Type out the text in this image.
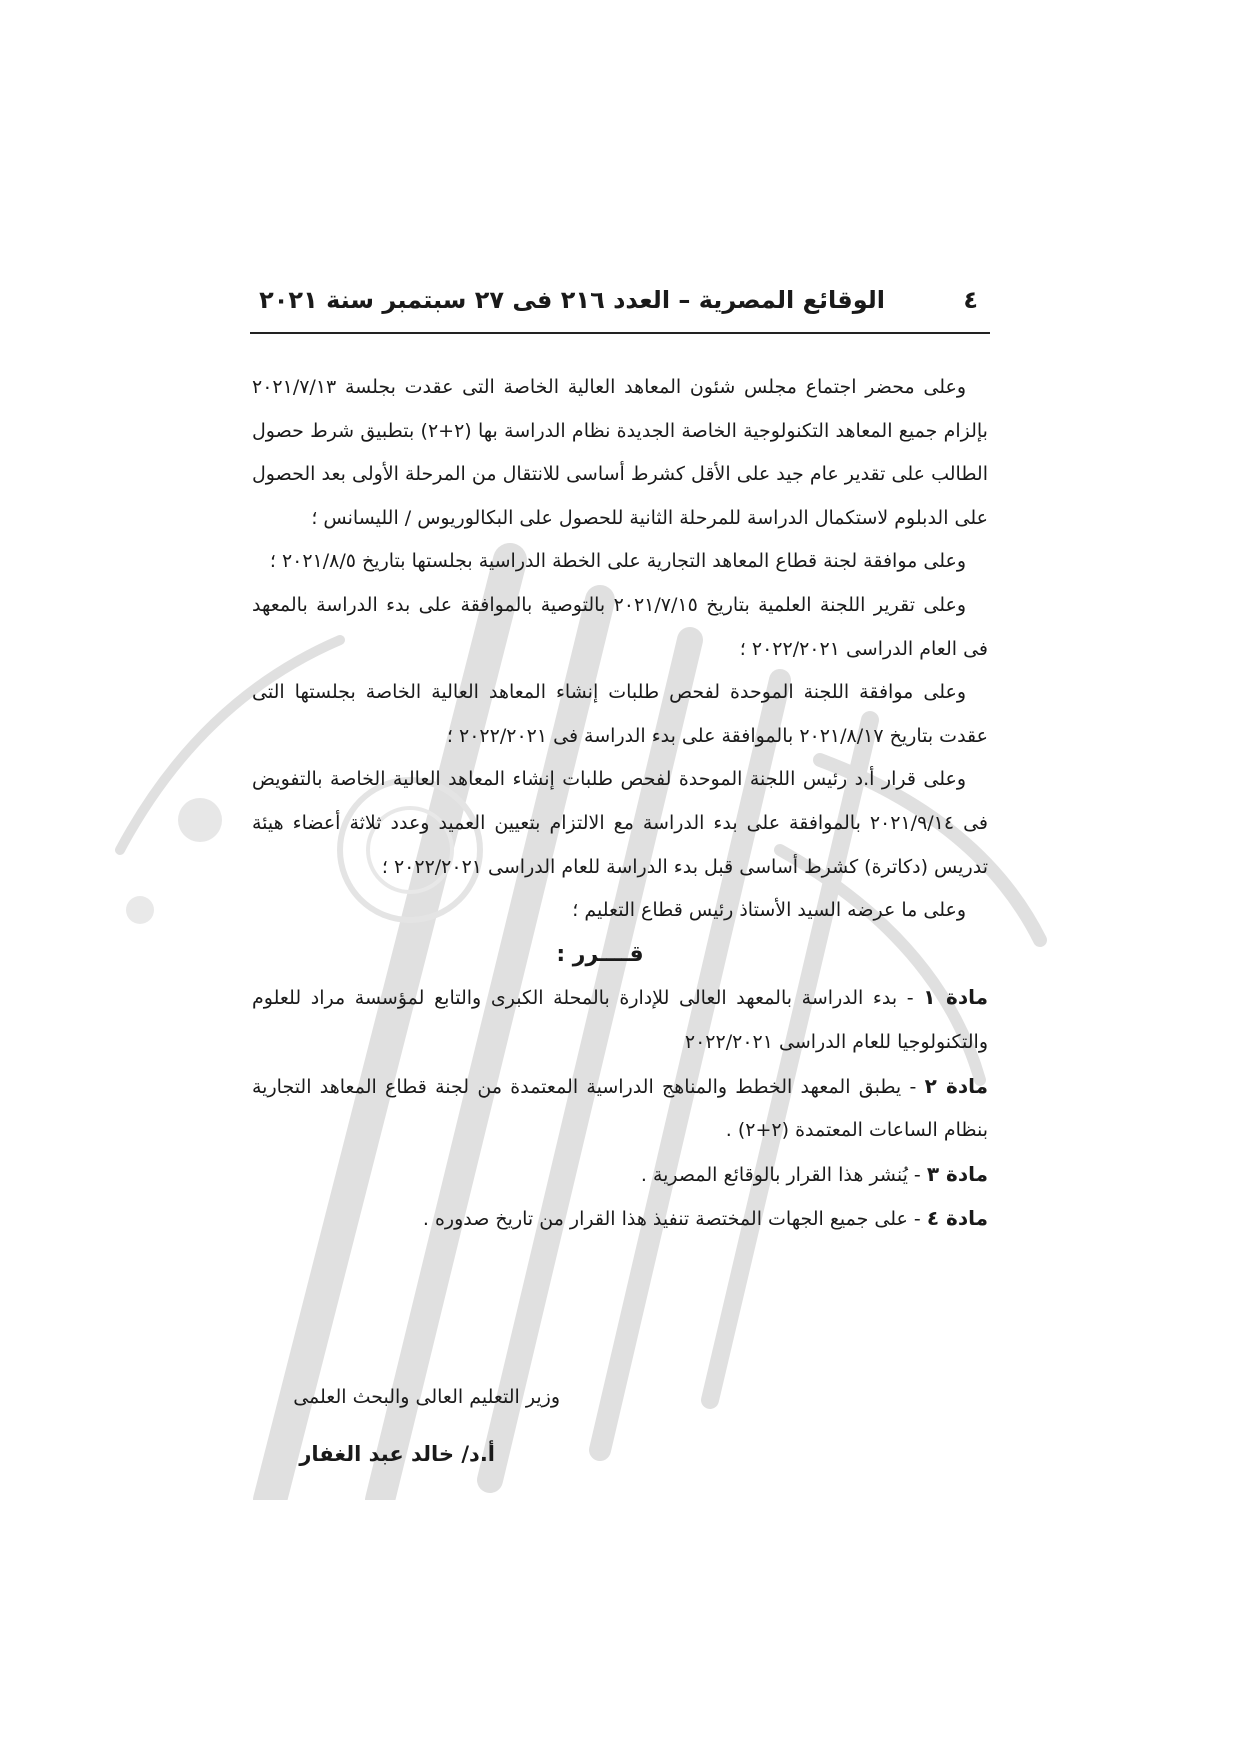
٤
الوقائع المصرية – العدد ٢١٦ فى ٢٧ سبتمبر سنة ٢٠٢١

وعلى محضر اجتماع مجلس شئون المعاهد العالية الخاصة التى عقدت بجلسة ٢٠٢١/٧/١٣ بإلزام جميع المعاهد التكنولوجية الخاصة الجديدة نظام الدراسة بها (٢+٢) بتطبيق شرط حصول الطالب على تقدير عام جيد على الأقل كشرط أساسى للانتقال من المرحلة الأولى بعد الحصول على الدبلوم لاستكمال الدراسة للمرحلة الثانية للحصول على البكالوريوس / الليسانس ؛

وعلى موافقة لجنة قطاع المعاهد التجارية على الخطة الدراسية بجلستها بتاريخ ٢٠٢١/٨/٥ ؛

وعلى تقرير اللجنة العلمية بتاريخ ٢٠٢١/٧/١٥ بالتوصية بالموافقة على بدء الدراسة بالمعهد فى العام الدراسى ٢٠٢٢/٢٠٢١ ؛

وعلى موافقة اللجنة الموحدة لفحص طلبات إنشاء المعاهد العالية الخاصة بجلستها التى عقدت بتاريخ ٢٠٢١/٨/١٧ بالموافقة على بدء الدراسة فى ٢٠٢٢/٢٠٢١ ؛

وعلى قرار أ.د رئيس اللجنة الموحدة لفحص طلبات إنشاء المعاهد العالية الخاصة بالتفويض فى ٢٠٢١/٩/١٤ بالموافقة على بدء الدراسة مع الالتزام بتعيين العميد وعدد ثلاثة أعضاء هيئة تدريس (دكاترة) كشرط أساسى قبل بدء الدراسة للعام الدراسى ٢٠٢٢/٢٠٢١ ؛

وعلى ما عرضه السيد الأستاذ رئيس قطاع التعليم ؛

قــــرر :

مادة ١ - بدء الدراسة بالمعهد العالى للإدارة بالمحلة الكبرى والتابع لمؤسسة مراد للعلوم والتكنولوجيا للعام الدراسى ٢٠٢٢/٢٠٢١

مادة ٢ - يطبق المعهد الخطط والمناهج الدراسية المعتمدة من لجنة قطاع المعاهد التجارية بنظام الساعات المعتمدة (٢+٢) .

مادة ٣ - يُنشر هذا القرار بالوقائع المصرية .

مادة ٤ - على جميع الجهات المختصة تنفيذ هذا القرار من تاريخ صدوره .

وزير التعليم العالى والبحث العلمى
أ.د/ خالد عبد الغفار
